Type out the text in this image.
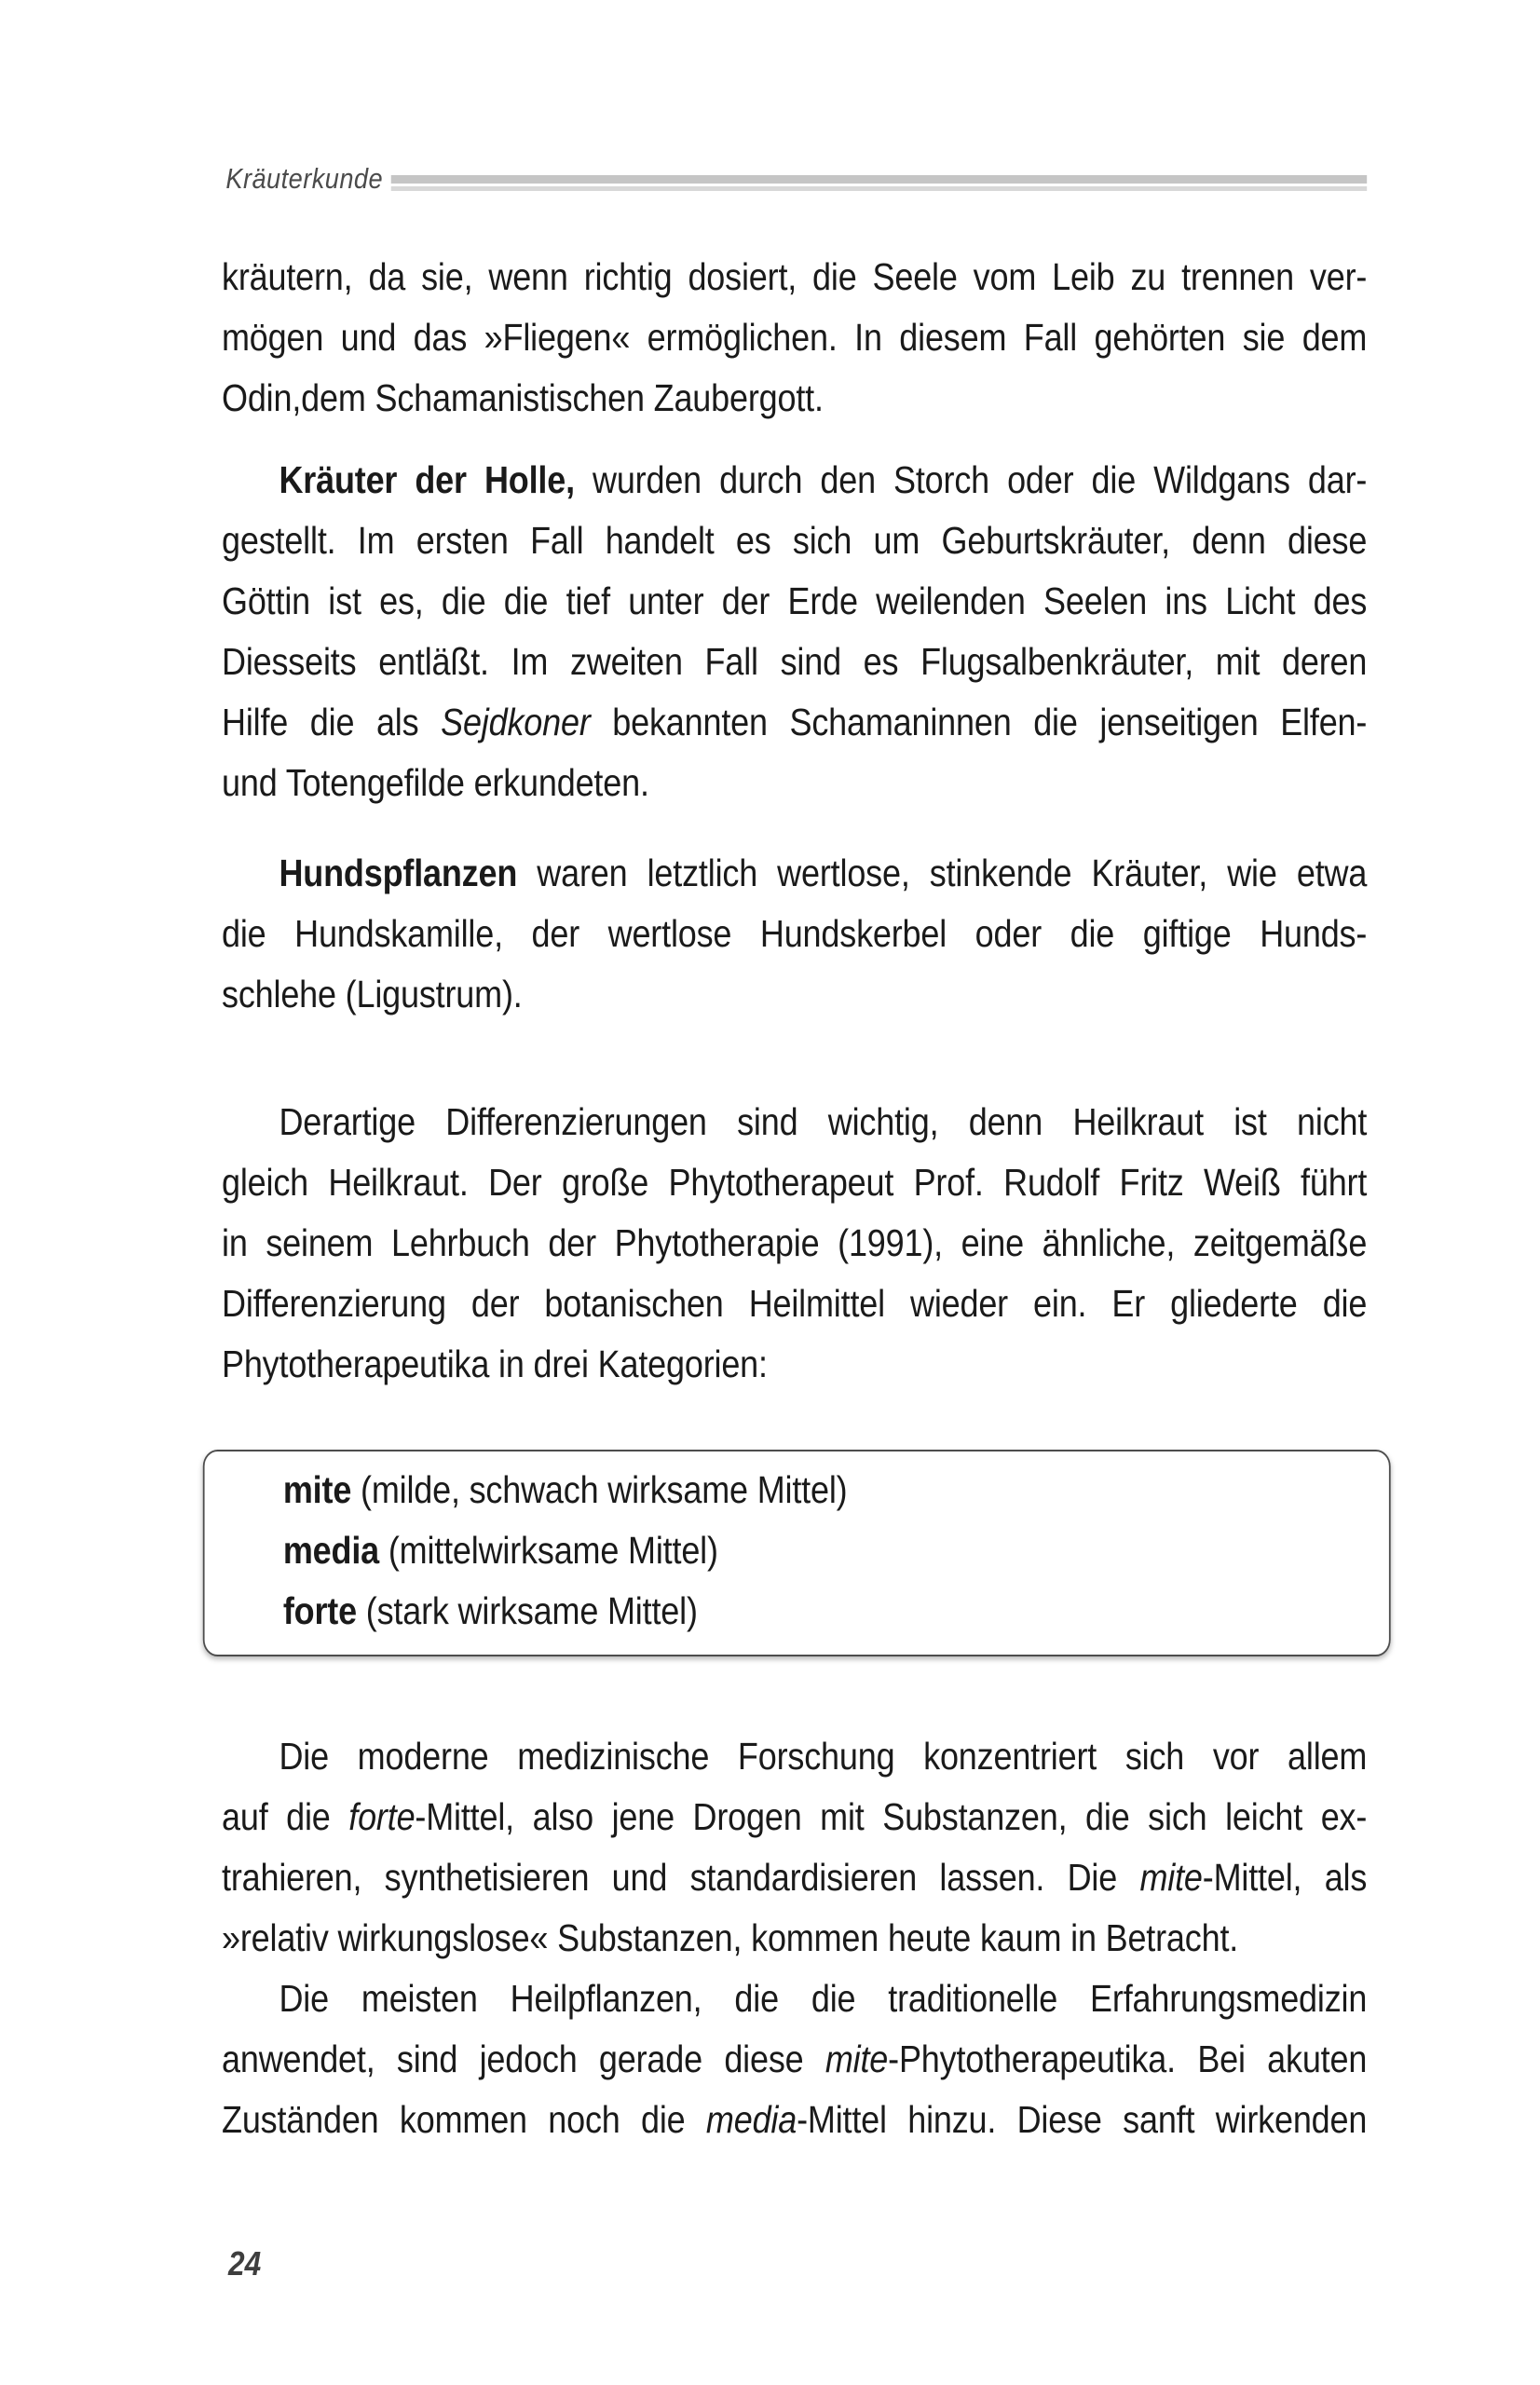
Kräuterkunde
kräutern, da sie, wenn richtig dosiert, die Seele vom Leib zu trennen ver-
mögen und das »Fliegen« ermöglichen. In diesem Fall gehörten sie dem
Odin,dem Schamanistischen Zaubergott.
Kräuter der Holle, wurden durch den Storch oder die Wildgans dar-
gestellt. Im ersten Fall handelt es sich um Geburtskräuter, denn diese
Göttin ist es, die die tief unter der Erde weilenden Seelen ins Licht des
Diesseits entläßt. Im zweiten Fall sind es Flugsalbenkräuter, mit deren
Hilfe die als Sejdkoner bekannten Schamaninnen die jenseitigen Elfen-
und Totengefilde erkundeten.
Hundspflanzen waren letztlich wertlose, stinkende Kräuter, wie etwa
die Hundskamille, der wertlose Hundskerbel oder die giftige Hunds-
schlehe (Ligustrum).
Derartige Differenzierungen sind wichtig, denn Heilkraut ist nicht
gleich Heilkraut. Der große Phytotherapeut Prof. Rudolf Fritz Weiß führt
in seinem Lehrbuch der Phytotherapie (1991), eine ähnliche, zeitgemäße
Differenzierung der botanischen Heilmittel wieder ein. Er gliederte die
Phytotherapeutika in drei Kategorien:
mite (milde, schwach wirksame Mittel)
media (mittelwirksame Mittel)
forte (stark wirksame Mittel)
Die moderne medizinische Forschung konzentriert sich vor allem
auf die forte-Mittel, also jene Drogen mit Substanzen, die sich leicht ex-
trahieren, synthetisieren und standardisieren lassen. Die mite-Mittel, als
»relativ wirkungslose« Substanzen, kommen heute kaum in Betracht.
Die meisten Heilpflanzen, die die traditionelle Erfahrungsmedizin
anwendet, sind jedoch gerade diese mite-Phytotherapeutika. Bei akuten
Zuständen kommen noch die media-Mittel hinzu. Diese sanft wirkenden
24
